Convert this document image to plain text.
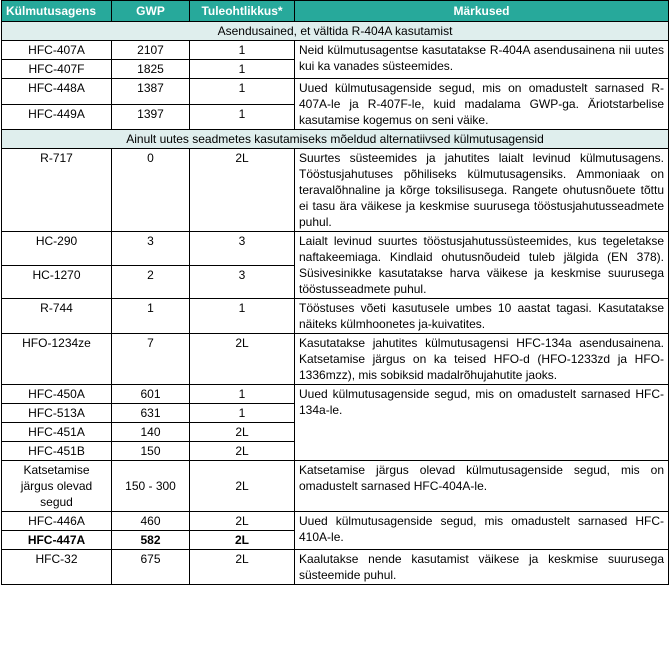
Külmutusagens	GWP	Tuleohtlikkus*	Märkused
Asendusained, et vältida R-404A kasutamist			
HFC-407A	2107	1	Neid külmutusagentse kasutatakse R-404A asendusainena nii uutes kui ka vanades süsteemides.
HFC-407F	1825	1	
HFC-448A	1387	1	Uued külmutusagenside segud, mis on omadustelt sarnased R-407A-le ja R-407F-le, kuid madalama GWP-ga. Äriotstarbelise kasutamise kogemus on seni väike.
HFC-449A	1397	1	
Ainult uutes seadmetes kasutamiseks mõeldud alternatiivsed külmutusagensid			
R-717	0	2L	Suurtes süsteemides ja jahutites laialt levinud külmutusagens. Tööstusjahutuses põhiliseks külmutusagensiks. Ammoniaak on teravalõhnaline ja kõrge toksilisusega. Rangete ohutusnõuete tõttu ei tasu ära väikese ja keskmise suurusega tööstusjahutusseadmete puhul.
HC-290	3	3	Laialt levinud suurtes tööstusjahutussüsteemides, kus tegeletakse naftakeemiaga. Kindlaid ohutusnõudeid tuleb jälgida (EN 378). Süsivesinikke kasutatakse harva väikese ja keskmise suurusega tööstusseadmete puhul.
HC-1270	2	3	
R-744	1	1	Tööstuses võeti kasutusele umbes 10 aastat tagasi. Kasutatakse näiteks külmhoonetes ja-kuivatites.
HFO-1234ze	7	2L	Kasutatakse jahutites külmutusagensi HFC-134a asendusainena. Katsetamise järgus on ka teised HFO-d (HFO-1233zd ja HFO-1336mzz), mis sobiksid madalrõhujahutite jaoks.
HFC-450A	601	1	Uued külmutusagenside segud, mis on omadustelt sarnased HFC-134a-le.
HFC-513A	631	1	
HFC-451A	140	2L	
HFC-451B	150	2L	
Katsetamise järgus olevad segud	150 - 300	2L	Katsetamise järgus olevad külmutusagenside segud, mis on omadustelt sarnased HFC-404A-le.
HFC-446A	460	2L	Uued külmutusagenside segud, mis omadustelt sarnased HFC-410A-le.
HFC-447A	582	2L	
HFC-32	675	2L	Kaalutakse nende kasutamist väikese ja keskmise suurusega süsteemide puhul.
